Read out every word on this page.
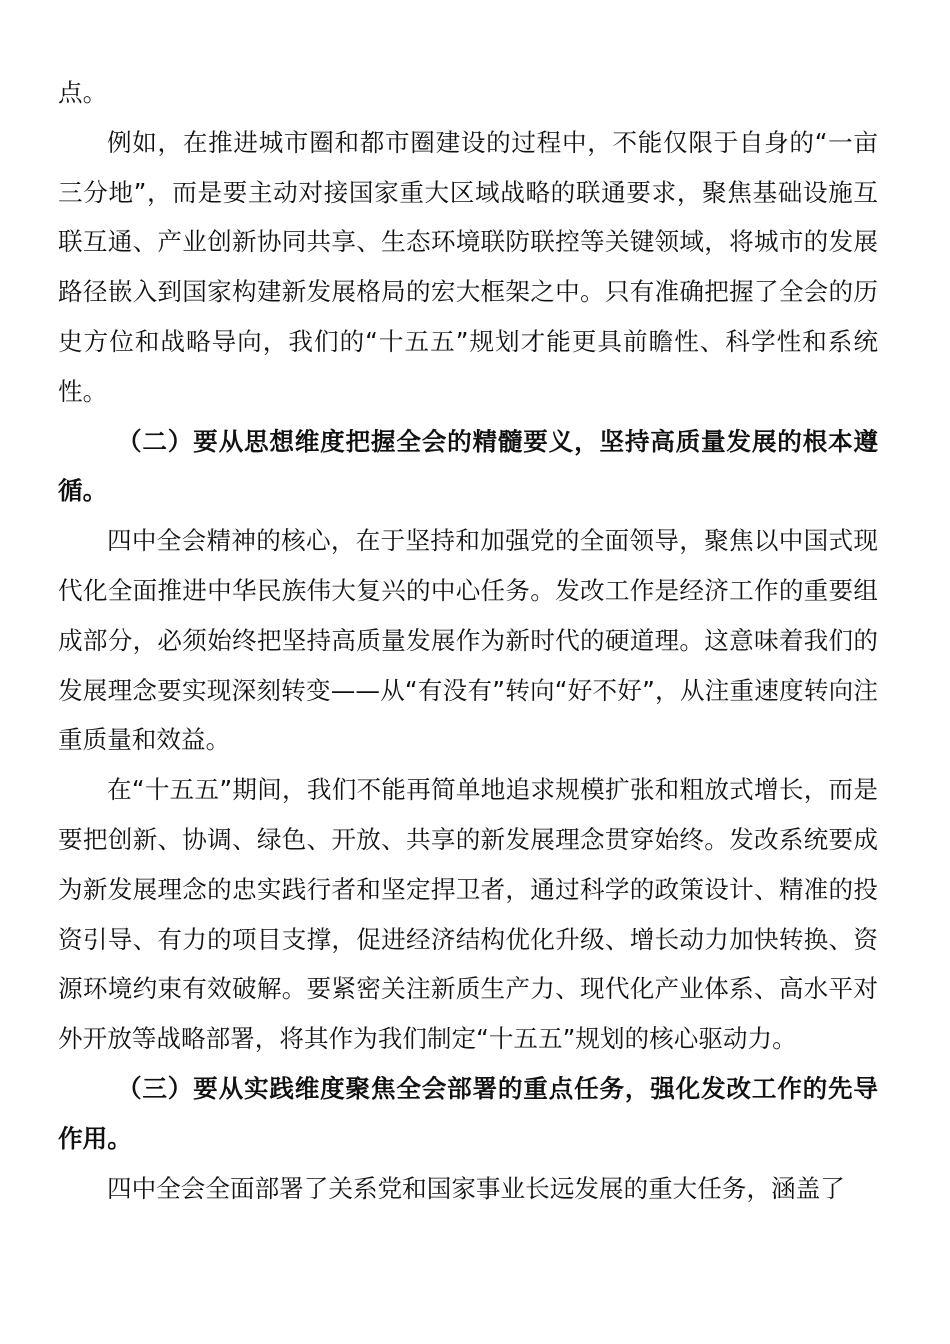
点。

例如，在推进城市圈和都市圈建设的过程中，不能仅限于自身的“一亩三分地”，而是要主动对接国家重大区域战略的联通要求，聚焦基础设施互联互通、产业创新协同共享、生态环境联防联控等关键领域，将城市的发展路径嵌入到国家构建新发展格局的宏大框架之中。只有准确把握了全会的历史方位和战略导向，我们的“十五五”规划才能更具前瞻性、科学性和系统性。

（二）要从思想维度把握全会的精髓要义，坚持高质量发展的根本遵循。

四中全会精神的核心，在于坚持和加强党的全面领导，聚焦以中国式现代化全面推进中华民族伟大复兴的中心任务。发改工作是经济工作的重要组成部分，必须始终把坚持高质量发展作为新时代的硬道理。这意味着我们的发展理念要实现深刻转变——从“有没有”转向“好不好”，从注重速度转向注重质量和效益。

在“十五五”期间，我们不能再简单地追求规模扩张和粗放式增长，而是要把创新、协调、绿色、开放、共享的新发展理念贯穿始终。发改系统要成为新发展理念的忠实践行者和坚定捍卫者，通过科学的政策设计、精准的投资引导、有力的项目支撑，促进经济结构优化升级、增长动力加快转换、资源环境约束有效破解。要紧密关注新质生产力、现代化产业体系、高水平对外开放等战略部署，将其作为我们制定“十五五”规划的核心驱动力。

（三）要从实践维度聚焦全会部署的重点任务，强化发改工作的先导作用。

四中全会全面部署了关系党和国家事业长远发展的重大任务，涵盖了
